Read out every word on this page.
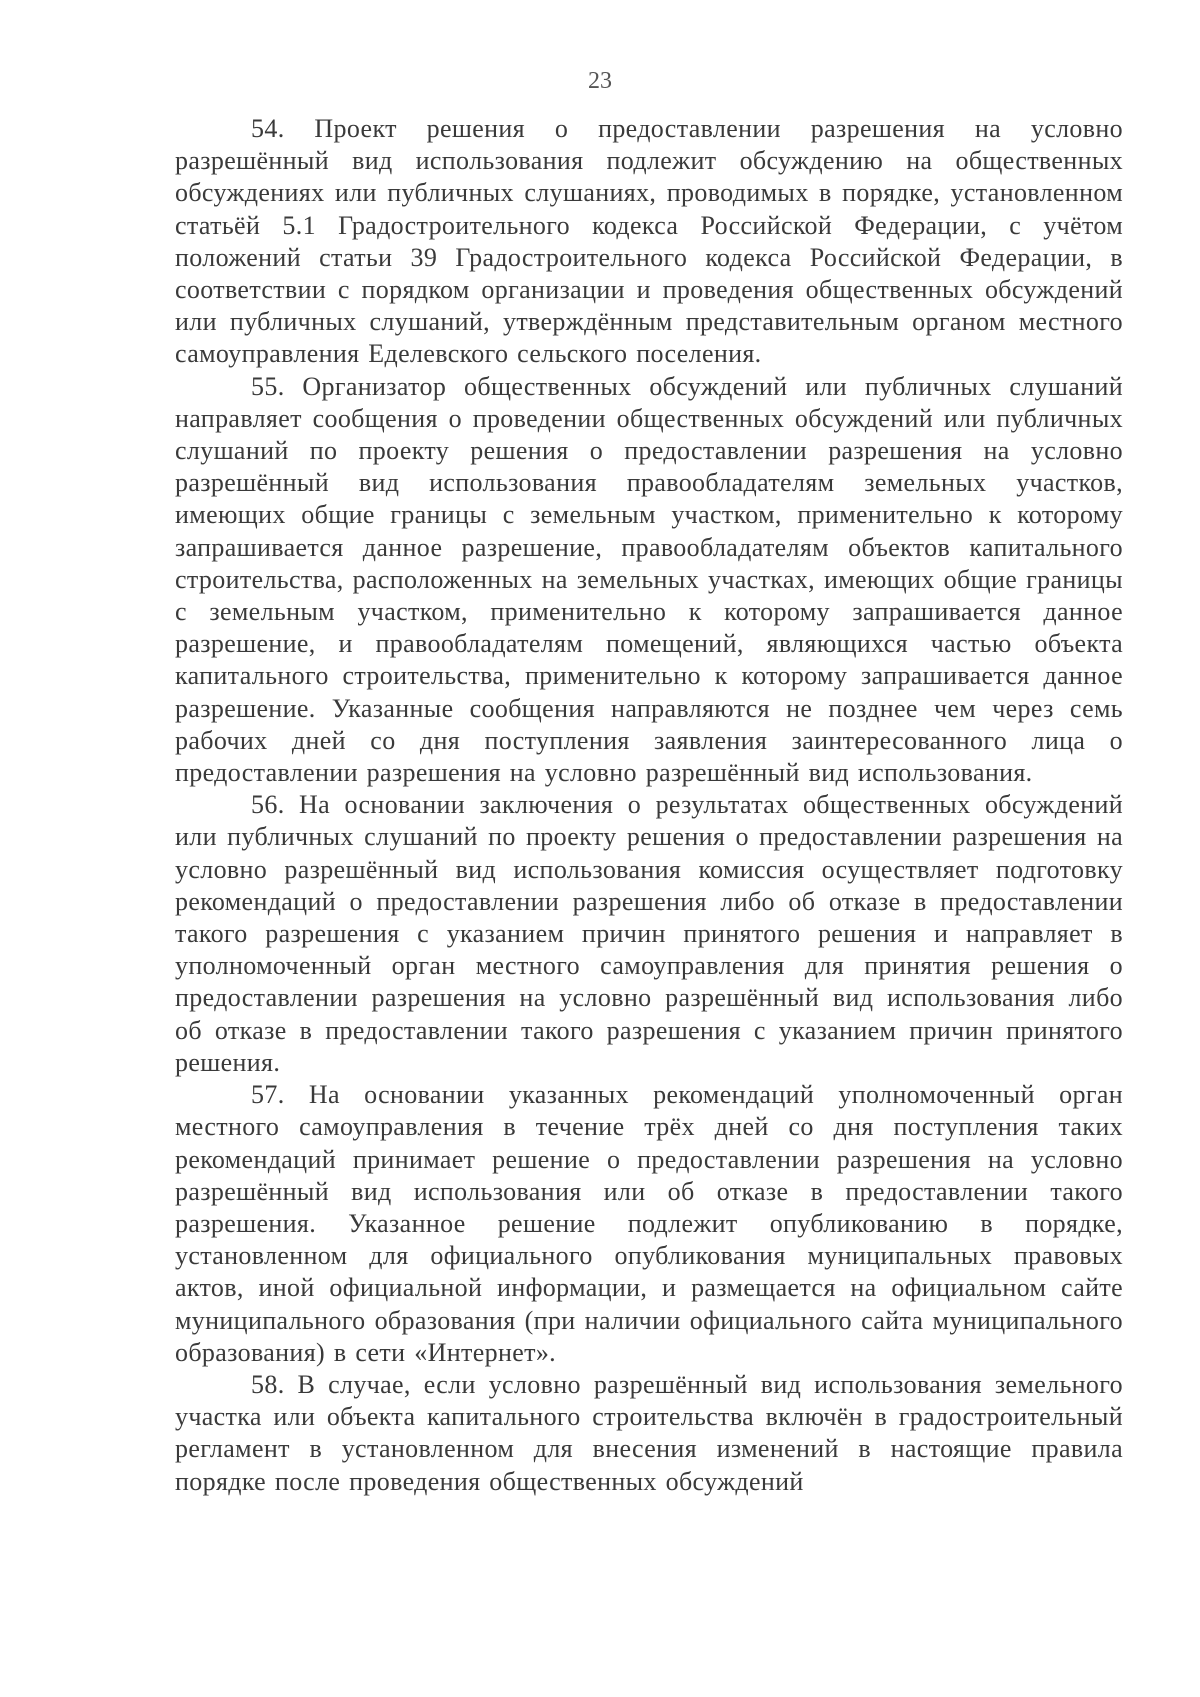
23

54. Проект решения о предоставлении разрешения на условно разрешённый вид использования подлежит обсуждению на общественных обсуждениях или публичных слушаниях, проводимых в порядке, установленном статьёй 5.1 Градостроительного кодекса Российской Федерации, с учётом положений статьи 39 Градостроительного кодекса Российской Федерации, в соответствии с порядком организации и проведения общественных обсуждений или публичных слушаний, утверждённым представительным органом местного самоуправления Еделевского сельского поселения.

55. Организатор общественных обсуждений или публичных слушаний направляет сообщения о проведении общественных обсуждений или публичных слушаний по проекту решения о предоставлении разрешения на условно разрешённый вид использования правообладателям земельных участков, имеющих общие границы с земельным участком, применительно к которому запрашивается данное разрешение, правообладателям объектов капитального строительства, расположенных на земельных участках, имеющих общие границы с земельным участком, применительно к которому запрашивается данное разрешение, и правообладателям помещений, являющихся частью объекта капитального строительства, применительно к которому запрашивается данное разрешение. Указанные сообщения направляются не позднее чем через семь рабочих дней со дня поступления заявления заинтересованного лица о предоставлении разрешения на условно разрешённый вид использования.

56. На основании заключения о результатах общественных обсуждений или публичных слушаний по проекту решения о предоставлении разрешения на условно разрешённый вид использования комиссия осуществляет подготовку рекомендаций о предоставлении разрешения либо об отказе в предоставлении такого разрешения с указанием причин принятого решения и направляет в уполномоченный орган местного самоуправления для принятия решения о предоставлении разрешения на условно разрешённый вид использования либо об отказе в предоставлении такого разрешения с указанием причин принятого решения.

57. На основании указанных рекомендаций уполномоченный орган местного самоуправления в течение трёх дней со дня поступления таких рекомендаций принимает решение о предоставлении разрешения на условно разрешённый вид использования или об отказе в предоставлении такого разрешения. Указанное решение подлежит опубликованию в порядке, установленном для официального опубликования муниципальных правовых актов, иной официальной информации, и размещается на официальном сайте муниципального образования (при наличии официального сайта муниципального образования) в сети «Интернет».

58. В случае, если условно разрешённый вид использования земельного участка или объекта капитального строительства включён в градостроительный регламент в установленном для внесения изменений в настоящие правила порядке после проведения общественных обсуждений
